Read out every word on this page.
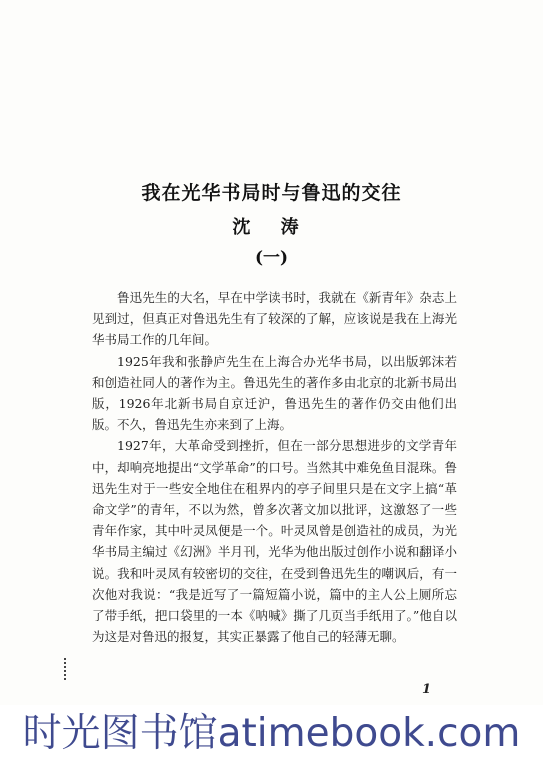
我在光华书局时与鲁迅的交往
沈 涛
(一)

鲁迅先生的大名，早在中学读书时，我就在《新青年》杂志上见到过，但真正对鲁迅先生有了较深的了解，应该说是我在上海光华书局工作的几年间。

1925年我和张静庐先生在上海合办光华书局，以出版郭沫若和创造社同人的著作为主。鲁迅先生的著作多由北京的北新书局出版，1926年北新书局自京迁沪，鲁迅先生的著作仍交由他们出版。不久，鲁迅先生亦来到了上海。

1927年，大革命受到挫折，但在一部分思想进步的文学青年中，却响亮地提出“文学革命”的口号。当然其中难免鱼目混珠。鲁迅先生对于一些安全地住在租界内的亭子间里只是在文字上搞“革命文学”的青年，不以为然，曾多次著文加以批评，这激怒了一些青年作家，其中叶灵凤便是一个。叶灵凤曾是创造社的成员，为光华书局主编过《幻洲》半月刊，光华为他出版过创作小说和翻译小说。我和叶灵凤有较密切的交往，在受到鲁迅先生的嘲讽后，有一次他对我说：“我是近写了一篇短篇小说，篇中的主人公上厕所忘了带手纸，把口袋里的一本《呐喊》撕了几页当手纸用了。”他自以为这是对鲁迅的报复，其实正暴露了他自己的轻薄无聊。

1
时光图书馆atimebook.com
